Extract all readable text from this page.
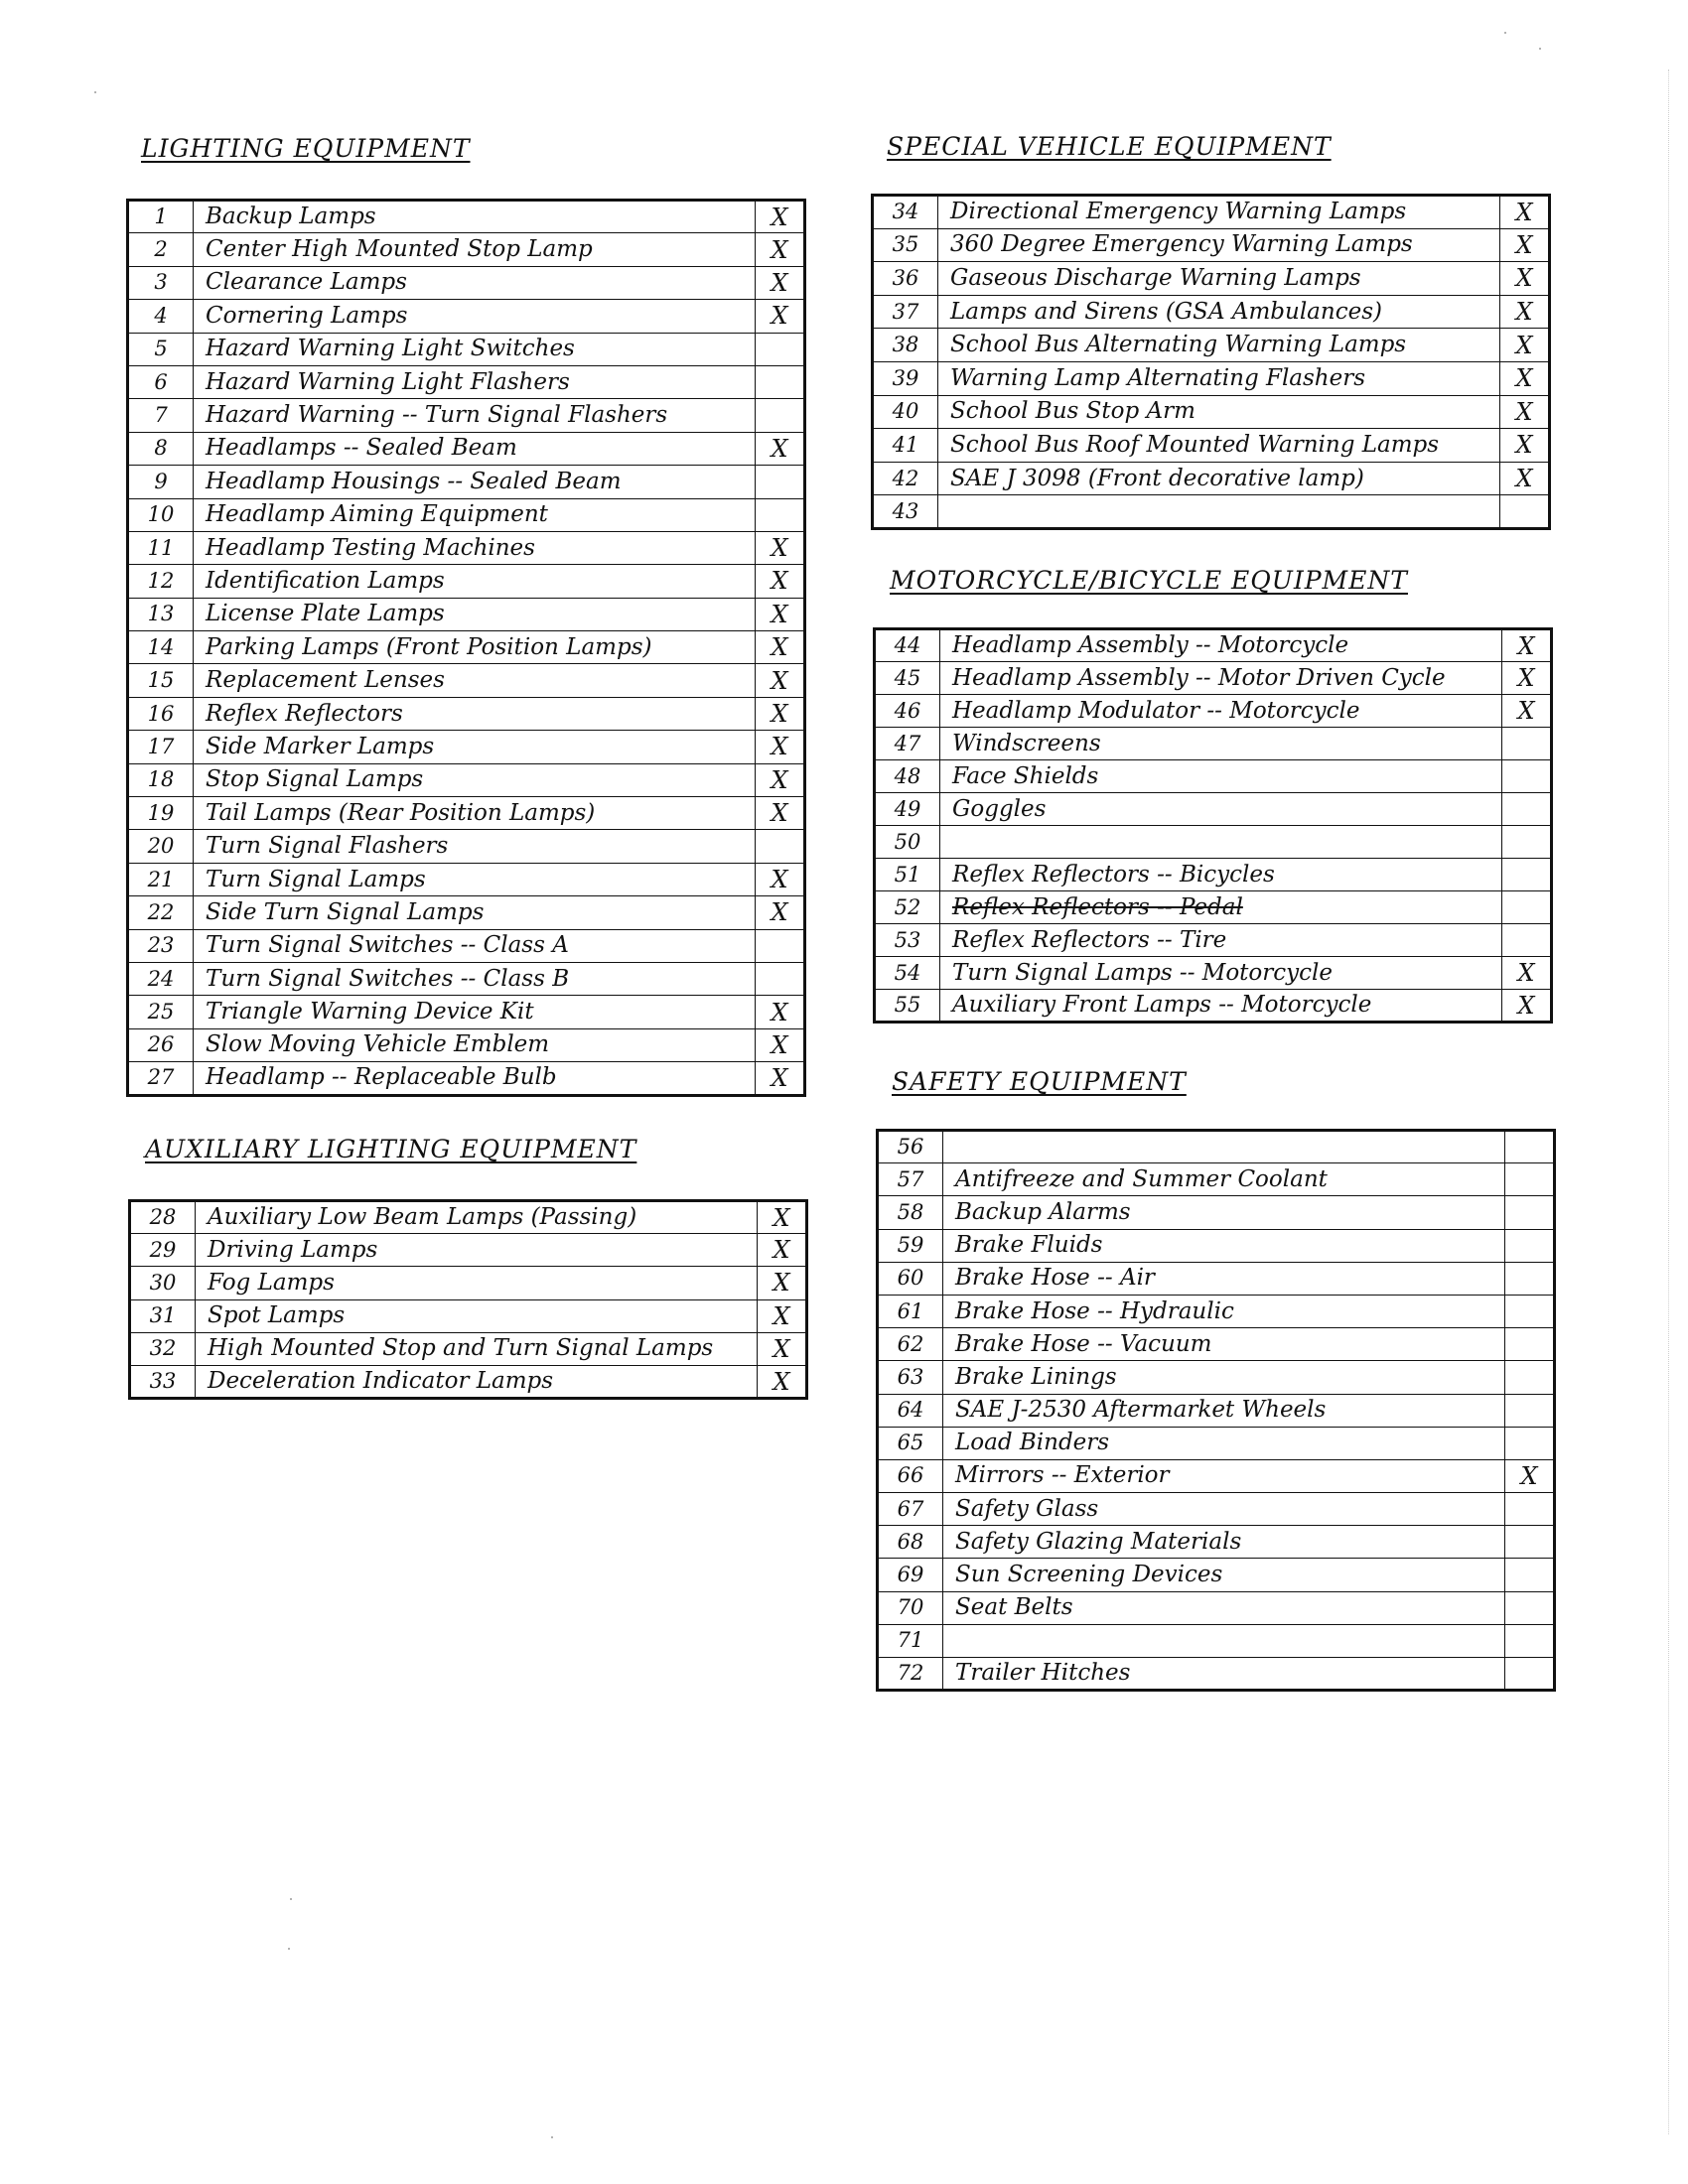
LIGHTING EQUIPMENT
1	Backup Lamps	X
2	Center High Mounted Stop Lamp	X
3	Clearance Lamps	X
4	Cornering Lamps	X
5	Hazard Warning Light Switches	
6	Hazard Warning Light Flashers	
7	Hazard Warning -- Turn Signal Flashers	
8	Headlamps -- Sealed Beam	X
9	Headlamp Housings -- Sealed Beam	
10	Headlamp Aiming Equipment	
11	Headlamp Testing Machines	X
12	Identification Lamps	X
13	License Plate Lamps	X
14	Parking Lamps (Front Position Lamps)	X
15	Replacement Lenses	X
16	Reflex Reflectors	X
17	Side Marker Lamps	X
18	Stop Signal Lamps	X
19	Tail Lamps (Rear Position Lamps)	X
20	Turn Signal Flashers	
21	Turn Signal Lamps	X
22	Side Turn Signal Lamps	X
23	Turn Signal Switches -- Class A	
24	Turn Signal Switches -- Class B	
25	Triangle Warning Device Kit	X
26	Slow Moving Vehicle Emblem	X
27	Headlamp -- Replaceable Bulb	X
AUXILIARY LIGHTING EQUIPMENT
28	Auxiliary Low Beam Lamps (Passing)	X
29	Driving Lamps	X
30	Fog Lamps	X
31	Spot Lamps	X
32	High Mounted Stop and Turn Signal Lamps	X
33	Deceleration Indicator Lamps	X
SPECIAL VEHICLE EQUIPMENT
34	Directional Emergency Warning Lamps	X
35	360 Degree Emergency Warning Lamps	X
36	Gaseous Discharge Warning Lamps	X
37	Lamps and Sirens (GSA Ambulances)	X
38	School Bus Alternating Warning Lamps	X
39	Warning Lamp Alternating Flashers	X
40	School Bus Stop Arm	X
41	School Bus Roof Mounted Warning Lamps	X
42	SAE J 3098 (Front decorative lamp)	X
43		
MOTORCYCLE/BICYCLE EQUIPMENT
44	Headlamp Assembly -- Motorcycle	X
45	Headlamp Assembly -- Motor Driven Cycle	X
46	Headlamp Modulator -- Motorcycle	X
47	Windscreens	
48	Face Shields	
49	Goggles	
50		
51	Reflex Reflectors -- Bicycles	
52	Reflex Reflectors -- Pedal	
53	Reflex Reflectors -- Tire	
54	Turn Signal Lamps -- Motorcycle	X
55	Auxiliary Front Lamps -- Motorcycle	X
SAFETY EQUIPMENT
56		
57	Antifreeze and Summer Coolant	
58	Backup Alarms	
59	Brake Fluids	
60	Brake Hose -- Air	
61	Brake Hose -- Hydraulic	
62	Brake Hose -- Vacuum	
63	Brake Linings	
64	SAE J-2530 Aftermarket Wheels	
65	Load Binders	
66	Mirrors -- Exterior	X
67	Safety Glass	
68	Safety Glazing Materials	
69	Sun Screening Devices	
70	Seat Belts	
71		
72	Trailer Hitches	
